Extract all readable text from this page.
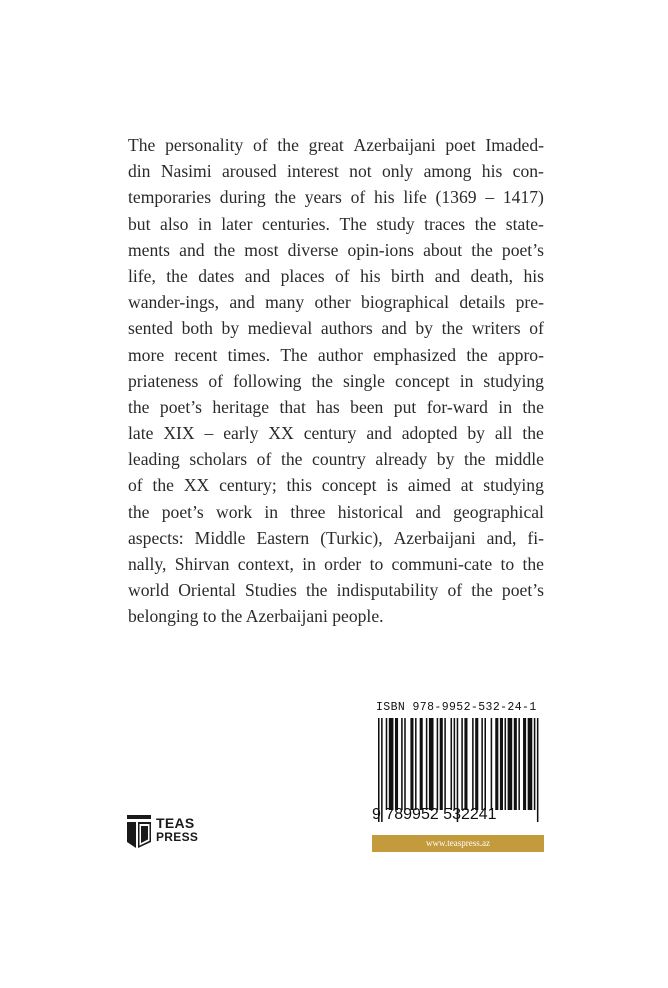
The personality of the great Azerbaijani poet Imaded-
din Nasimi aroused interest not only among his con-
temporaries during the years of his life (1369 – 1417)
but also in later centuries. The study traces the state-
ments and the most diverse opin-ions about the poet’s
life, the dates and places of his birth and death, his
wander-ings, and many other biographical details pre-
sented both by medieval authors and by the writers of
more recent times. The author emphasized the appro-
priateness of following the single concept in studying
the poet’s heritage that has been put for-ward in the
late XIX – early XX century and adopted by all the
leading scholars of the country already by the middle
of the XX century; this concept is aimed at studying
the poet’s work in three historical and geographical
aspects: Middle Eastern (Turkic), Azerbaijani and, fi-
nally, Shirvan context, in order to communi-cate to the
world Oriental Studies the indisputability of the poet’s
belonging to the Azerbaijani people.
TEAS
PRESS
ISBN 978-9952-532-24-1
9 789952 532241
www.teaspress.az
